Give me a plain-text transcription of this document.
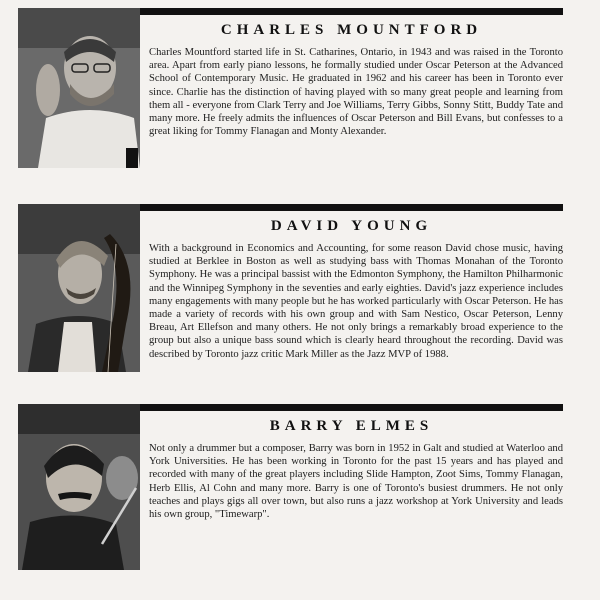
CHARLES MOUNTFORD

Charles Mountford started life in St. Catharines, Ontario, in 1943 and was raised in the Toronto area. Apart from early piano lessons, he formally studied under Oscar Peterson at the Advanced School of Contemporary Music. He graduated in 1962 and his career has been in Toronto ever since. Charlie has the distinction of having played with so many great people and learning from them all - everyone from Clark Terry and Joe Williams, Terry Gibbs, Sonny Stitt, Buddy Tate and many more. He freely admits the influences of Oscar Peterson and Bill Evans, but confesses to a great liking for Tommy Flanagan and Monty Alexander.

DAVID YOUNG

With a background in Economics and Accounting, for some reason David chose music, having studied at Berklee in Boston as well as studying bass with Thomas Monahan of the Toronto Symphony. He was a principal bassist with the Edmonton Symphony, the Hamilton Philharmonic and the Winnipeg Symphony in the seventies and early eighties. David's jazz experience includes many engagements with many people but he has worked particularly with Oscar Peterson. He has made a variety of records with his own group and with Sam Nestico, Oscar Peterson, Lenny Breau, Art Ellefson and many others. He not only brings a remarkably broad experience to the group but also a unique bass sound which is clearly heard throughout the recording. David was described by Toronto jazz critic Mark Miller as the Jazz MVP of 1988.

BARRY ELMES

Not only a drummer but a composer, Barry was born in 1952 in Galt and studied at Waterloo and York Universities. He has been working in Toronto for the past 15 years and has played and recorded with many of the great players including Slide Hampton, Zoot Sims, Tommy Flanagan, Herb Ellis, Al Cohn and many more. Barry is one of Toronto's busiest drummers. He not only teaches and plays gigs all over town, but also runs a jazz workshop at York University and leads his own group, "Timewarp".
